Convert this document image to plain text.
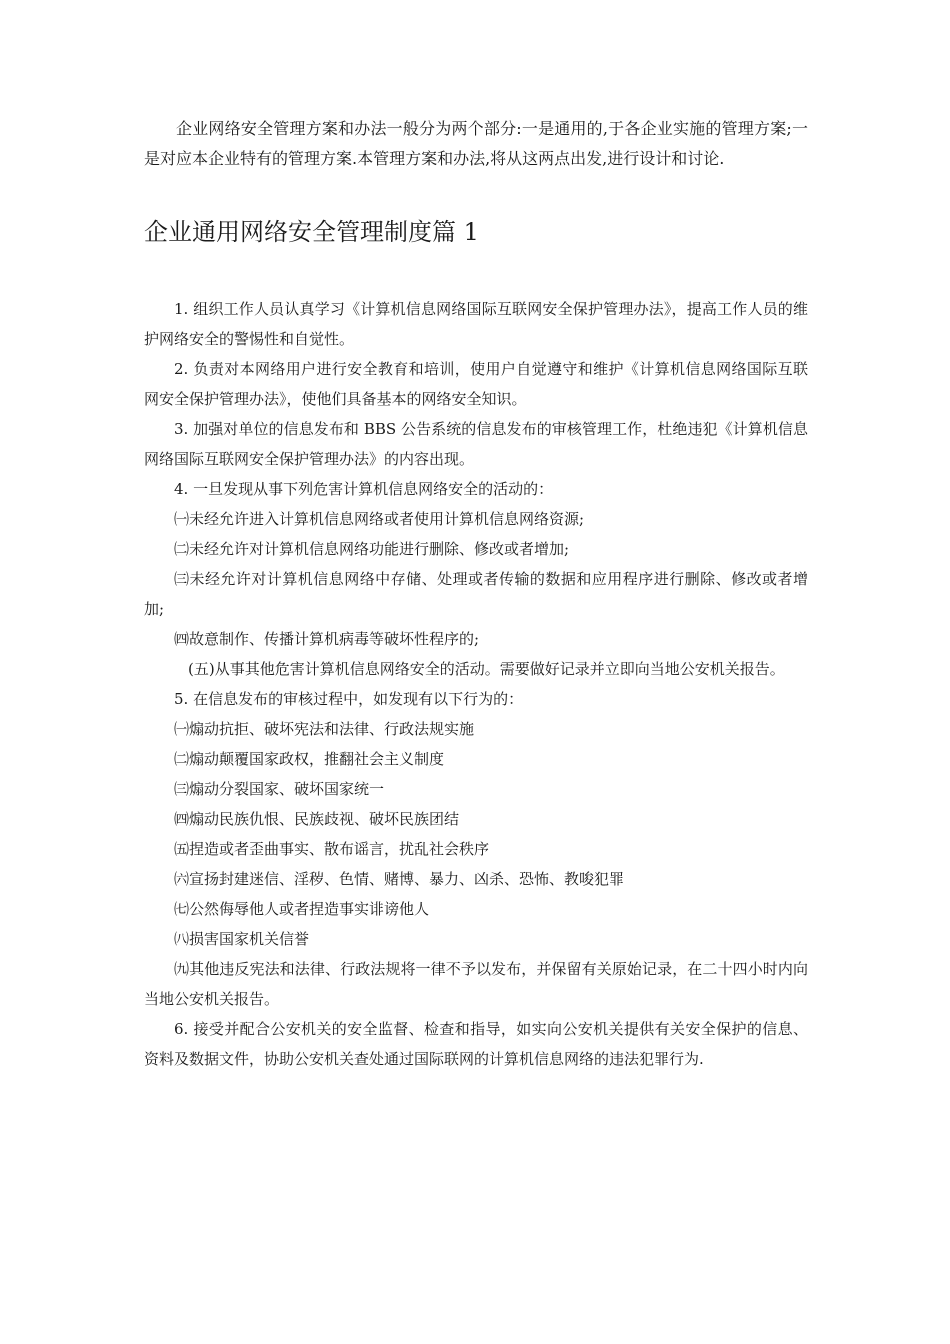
企业网络安全管理方案和办法一般分为两个部分:一是通用的,于各企业实施的管理方案;一是对应本企业特有的管理方案.本管理方案和办法,将从这两点出发,进行设计和讨论.

企业通用网络安全管理制度篇 1

1. 组织工作人员认真学习《计算机信息网络国际互联网安全保护管理办法》，提高工作人员的维护网络安全的警惕性和自觉性。

2. 负责对本网络用户进行安全教育和培训，使用户自觉遵守和维护《计算机信息网络国际互联网安全保护管理办法》，使他们具备基本的网络安全知识。

3. 加强对单位的信息发布和 BBS 公告系统的信息发布的审核管理工作，杜绝违犯《计算机信息网络国际互联网安全保护管理办法》的内容出现。

4. 一旦发现从事下列危害计算机信息网络安全的活动的：

㈠未经允许进入计算机信息网络或者使用计算机信息网络资源;

㈡未经允许对计算机信息网络功能进行删除、修改或者增加;

㈢未经允许对计算机信息网络中存储、处理或者传输的数据和应用程序进行删除、修改或者增加;

㈣故意制作、传播计算机病毒等破坏性程序的;

(五)从事其他危害计算机信息网络安全的活动。需要做好记录并立即向当地公安机关报告。

5. 在信息发布的审核过程中，如发现有以下行为的：

㈠煽动抗拒、破坏宪法和法律、行政法规实施

㈡煽动颠覆国家政权，推翻社会主义制度

㈢煽动分裂国家、破坏国家统一

㈣煽动民族仇恨、民族歧视、破坏民族团结

㈤捏造或者歪曲事实、散布谣言，扰乱社会秩序

㈥宣扬封建迷信、淫秽、色情、赌博、暴力、凶杀、恐怖、教唆犯罪

㈦公然侮辱他人或者捏造事实诽谤他人

㈧损害国家机关信誉

㈨其他违反宪法和法律、行政法规将一律不予以发布，并保留有关原始记录，在二十四小时内向当地公安机关报告。

6. 接受并配合公安机关的安全监督、检查和指导，如实向公安机关提供有关安全保护的信息、资料及数据文件，协助公安机关查处通过国际联网的计算机信息网络的违法犯罪行为.
